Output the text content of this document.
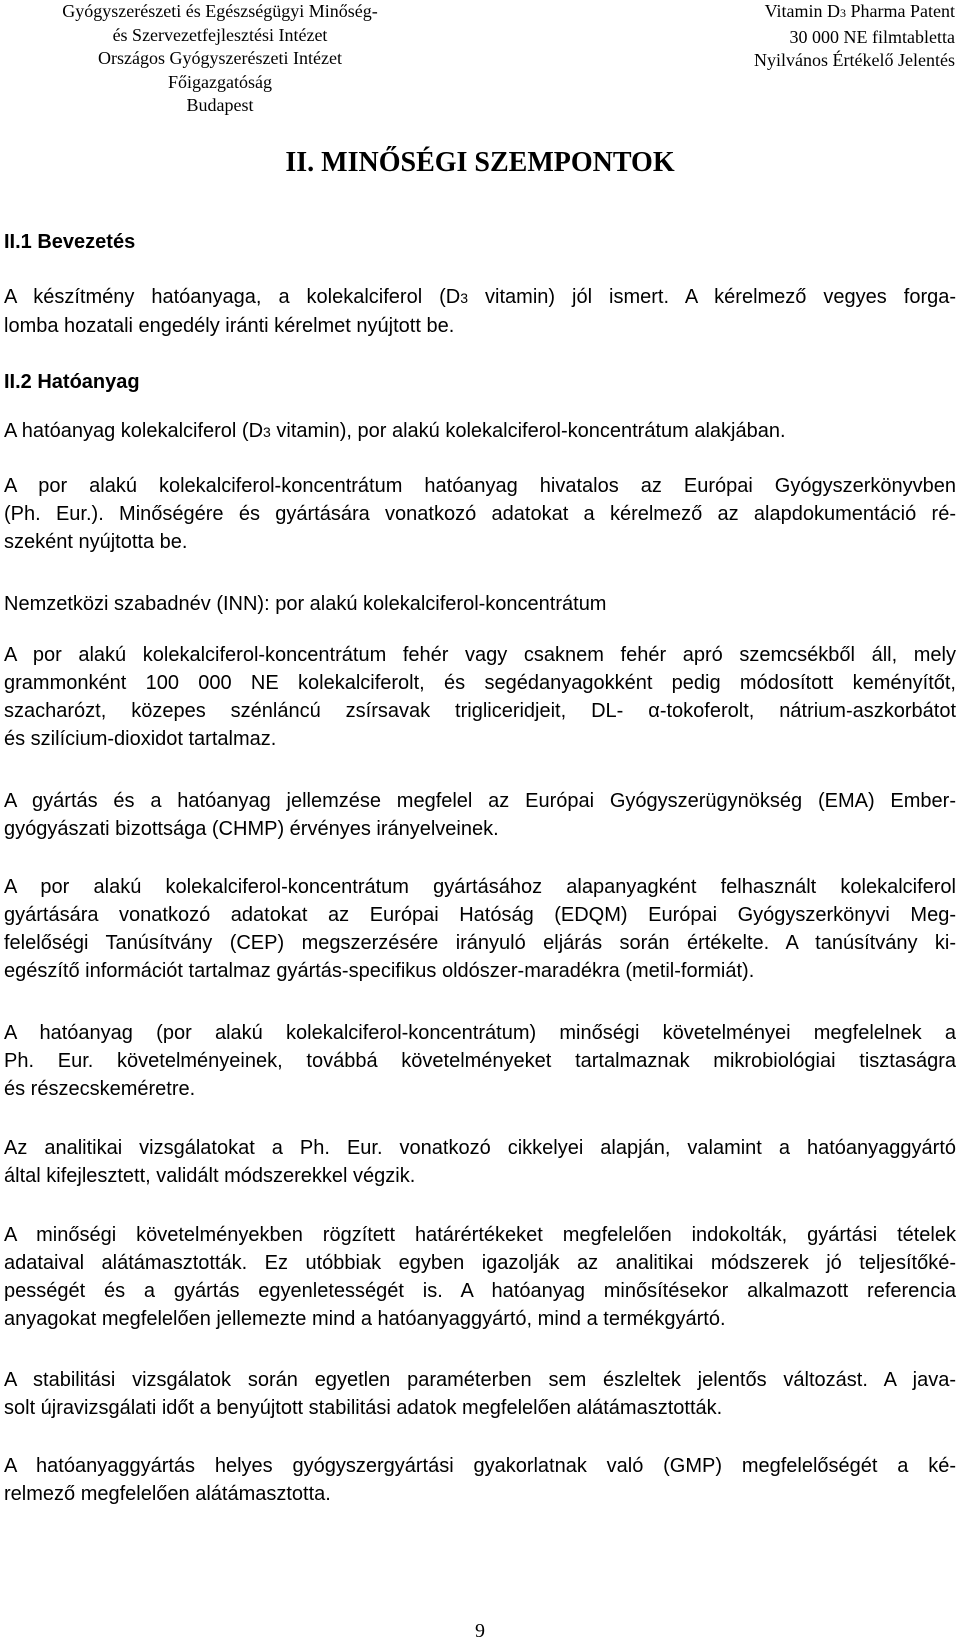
Gyógyszerészeti és Egészségügyi Minőség-
és Szervezetfejlesztési Intézet
Országos Gyógyszerészeti Intézet
Főigazgatóság
Budapest
Vitamin D3 Pharma Patent
30 000 NE filmtabletta
Nyilvános Értékelő Jelentés
II. MINŐSÉGI SZEMPONTOK
II.1 Bevezetés
A készítmény hatóanyaga, a kolekalciferol (D3 vitamin) jól ismert. A kérelmező vegyes forga-
lomba hozatali engedély iránti kérelmet nyújtott be.
II.2 Hatóanyag
A hatóanyag kolekalciferol (D3 vitamin), por alakú kolekalciferol-koncentrátum alakjában.
A por alakú kolekalciferol-koncentrátum hatóanyag hivatalos az Európai Gyógyszerkönyvben
(Ph. Eur.). Minőségére és gyártására vonatkozó adatokat a kérelmező az alapdokumentáció ré-
szeként nyújtotta be.
Nemzetközi szabadnév (INN): por alakú kolekalciferol-koncentrátum
A por alakú kolekalciferol-koncentrátum fehér vagy csaknem fehér apró szemcsékből áll, mely
grammonként 100 000 NE kolekalciferolt, és segédanyagokként pedig módosított keményítőt,
szacharózt, közepes szénláncú zsírsavak trigliceridjeit, DL- α-tokoferolt, nátrium-aszkorbátot
és szilícium-dioxidot tartalmaz.
A gyártás és a hatóanyag jellemzése megfelel az Európai Gyógyszerügynökség (EMA) Ember-
gyógyászati bizottsága (CHMP) érvényes irányelveinek.
A por alakú kolekalciferol-koncentrátum gyártásához alapanyagként felhasznált kolekalciferol
gyártására vonatkozó adatokat az Európai Hatóság (EDQM) Európai Gyógyszerkönyvi Meg-
felelőségi Tanúsítvány (CEP) megszerzésére irányuló eljárás során értékelte. A tanúsítvány ki-
egészítő információt tartalmaz gyártás-specifikus oldószer-maradékra (metil-formiát).
A hatóanyag (por alakú kolekalciferol-koncentrátum) minőségi követelményei megfelelnek a
Ph. Eur. követelményeinek, továbbá követelményeket tartalmaznak mikrobiológiai tisztaságra
és részecskeméretre.
Az analitikai vizsgálatokat a Ph. Eur. vonatkozó cikkelyei alapján, valamint a hatóanyaggyártó
által kifejlesztett, validált módszerekkel végzik.
A minőségi követelményekben rögzített határértékeket megfelelően indokolták, gyártási tételek
adataival alátámasztották. Ez utóbbiak egyben igazolják az analitikai módszerek jó teljesítőké-
pességét és a gyártás egyenletességét is. A hatóanyag minősítésekor alkalmazott referencia
anyagokat megfelelően jellemezte mind a hatóanyaggyártó, mind a termékgyártó.
A stabilitási vizsgálatok során egyetlen paraméterben sem észleltek jelentős változást. A java-
solt újravizsgálati időt a benyújtott stabilitási adatok megfelelően alátámasztották.
A hatóanyaggyártás helyes gyógyszergyártási gyakorlatnak való (GMP) megfelelőségét a ké-
relmező megfelelően alátámasztotta.
9
